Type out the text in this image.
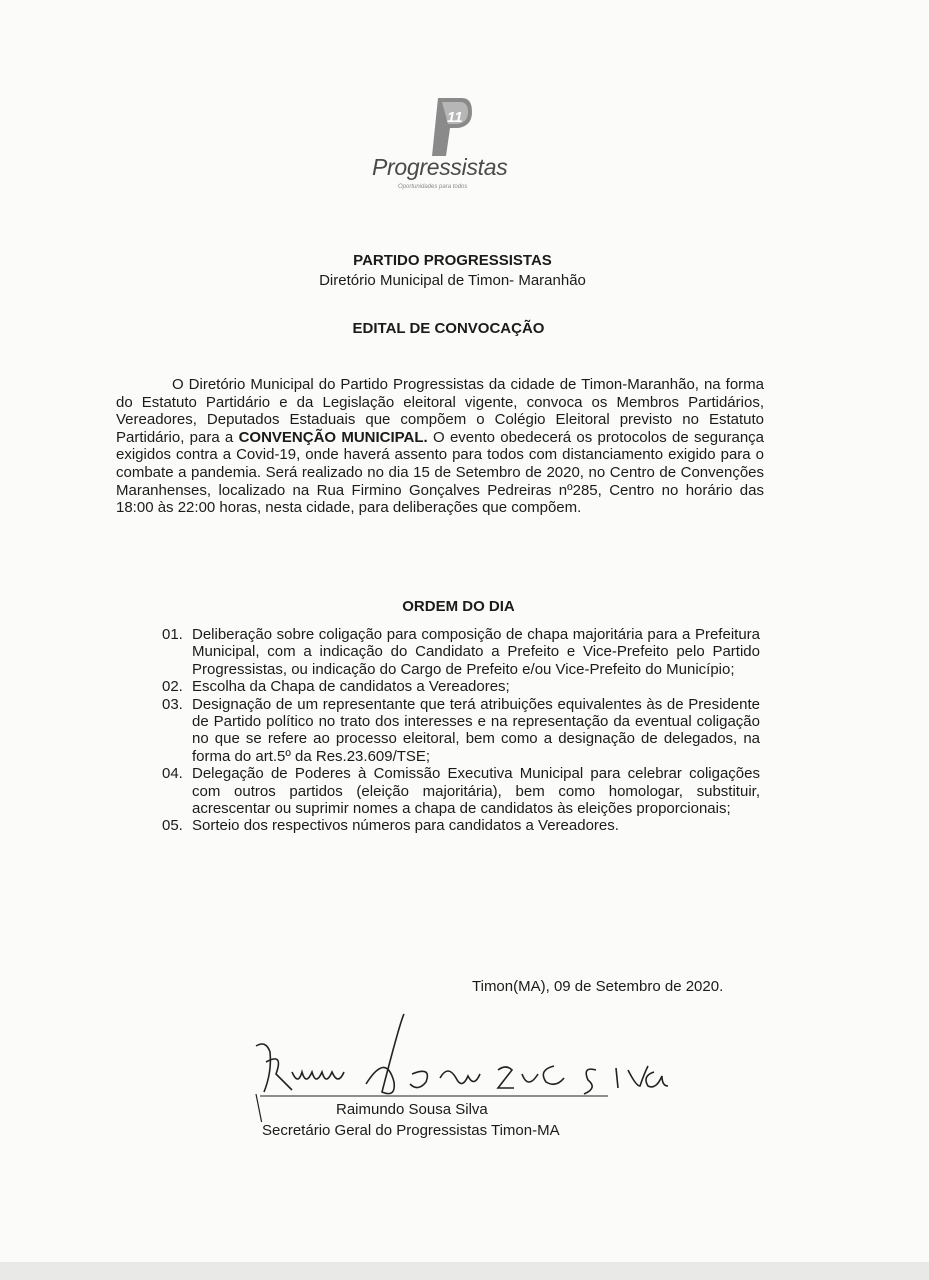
11
Progressistas
Oportunidades para todos
PARTIDO PROGRESSISTAS
Diretório Municipal de Timon- Maranhão
EDITAL DE CONVOCAÇÃO

O Diretório Municipal do Partido Progressistas da cidade de Timon-Maranhão, na forma do Estatuto Partidário e da Legislação eleitoral vigente, convoca os Membros Partidários, Vereadores, Deputados Estaduais que compõem o Colégio Eleitoral previsto no Estatuto Partidário, para a CONVENÇÃO MUNICIPAL. O evento obedecerá os protocolos de segurança exigidos contra a Covid-19, onde haverá assento para todos com distanciamento exigido para o combate a pandemia. Será realizado no dia 15 de Setembro de 2020, no Centro de Convenções Maranhenses, localizado na Rua Firmino Gonçalves Pedreiras nº285, Centro no horário das 18:00 às 22:00 horas, nesta cidade, para deliberações que compõem.

ORDEM DO DIA
01. Deliberação sobre coligação para composição de chapa majoritária para a Prefeitura Municipal, com a indicação do Candidato a Prefeito e Vice-Prefeito pelo Partido Progressistas, ou indicação do Cargo de Prefeito e/ou Vice-Prefeito do Município;
02. Escolha da Chapa de candidatos a Vereadores;
03. Designação de um representante que terá atribuições equivalentes às de Presidente de Partido político no trato dos interesses e na representação da eventual coligação no que se refere ao processo eleitoral, bem como a designação de delegados, na forma do art.5º da Res.23.609/TSE;
04. Delegação de Poderes à Comissão Executiva Municipal para celebrar coligações com outros partidos (eleição majoritária), bem como homologar, substituir, acrescentar ou suprimir nomes a chapa de candidatos às eleições proporcionais;
05. Sorteio dos respectivos números para candidatos a Vereadores.
Timon(MA), 09 de Setembro de 2020.
Raimundo Sousa Silva
Secretário Geral do Progressistas Timon-MA
